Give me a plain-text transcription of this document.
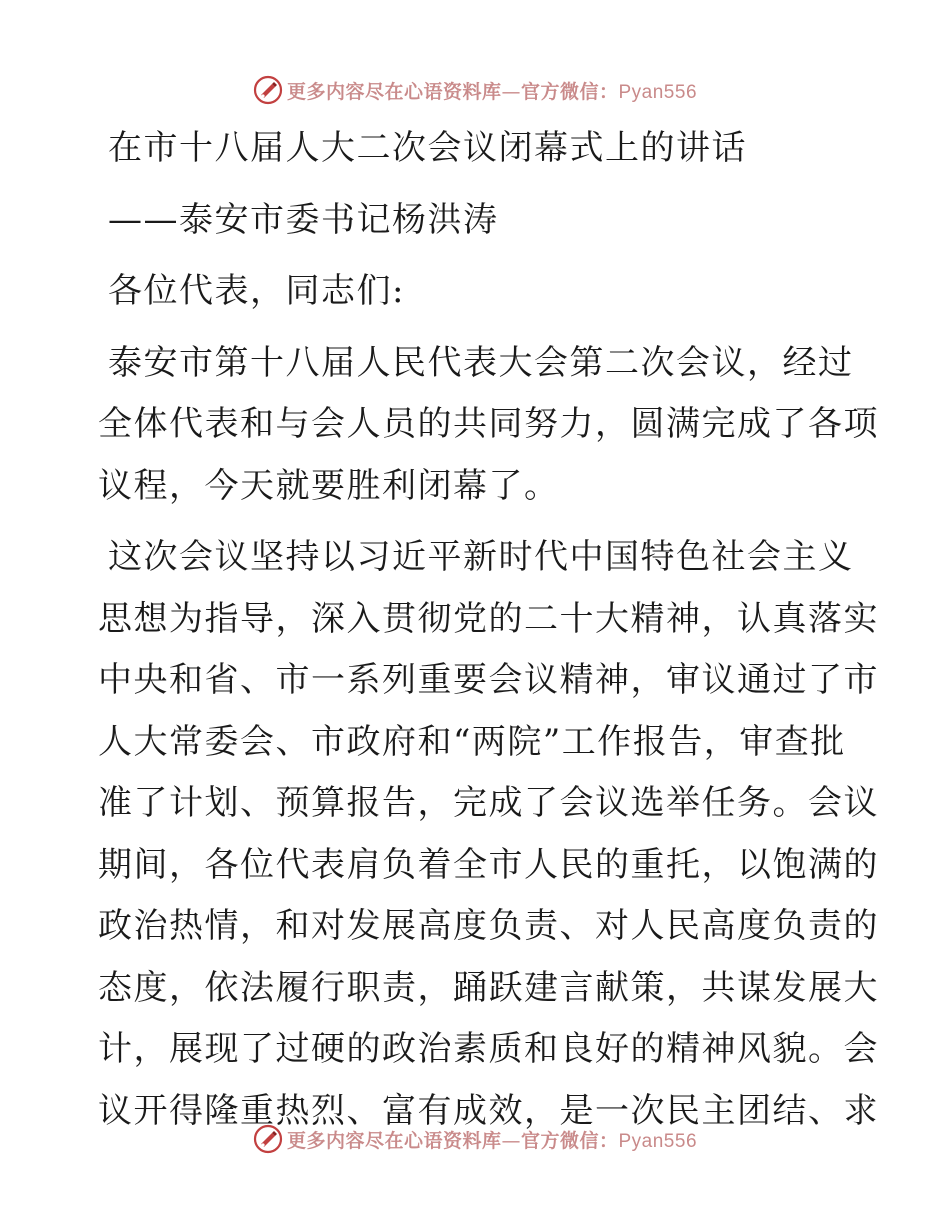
更多内容尽在心语资料库—官方微信：Pyan556

在市十八届人大二次会议闭幕式上的讲话

——泰安市委书记杨洪涛

各位代表，同志们:

泰安市第十八届人民代表大会第二次会议，经过

全体代表和与会人员的共同努力，圆满完成了各项

议程，今天就要胜利闭幕了。

这次会议坚持以习近平新时代中国特色社会主义

思想为指导，深入贯彻党的二十大精神，认真落实

中央和省、市一系列重要会议精神，审议通过了市

人大常委会、市政府和“两院”工作报告，审查批

准了计划、预算报告，完成了会议选举任务。会议

期间，各位代表肩负着全市人民的重托，以饱满的

政治热情，和对发展高度负责、对人民高度负责的

态度，依法履行职责，踊跃建言献策，共谋发展大

计，展现了过硬的政治素质和良好的精神风貌。会

议开得隆重热烈、富有成效，是一次民主团结、求

更多内容尽在心语资料库—官方微信：Pyan556
